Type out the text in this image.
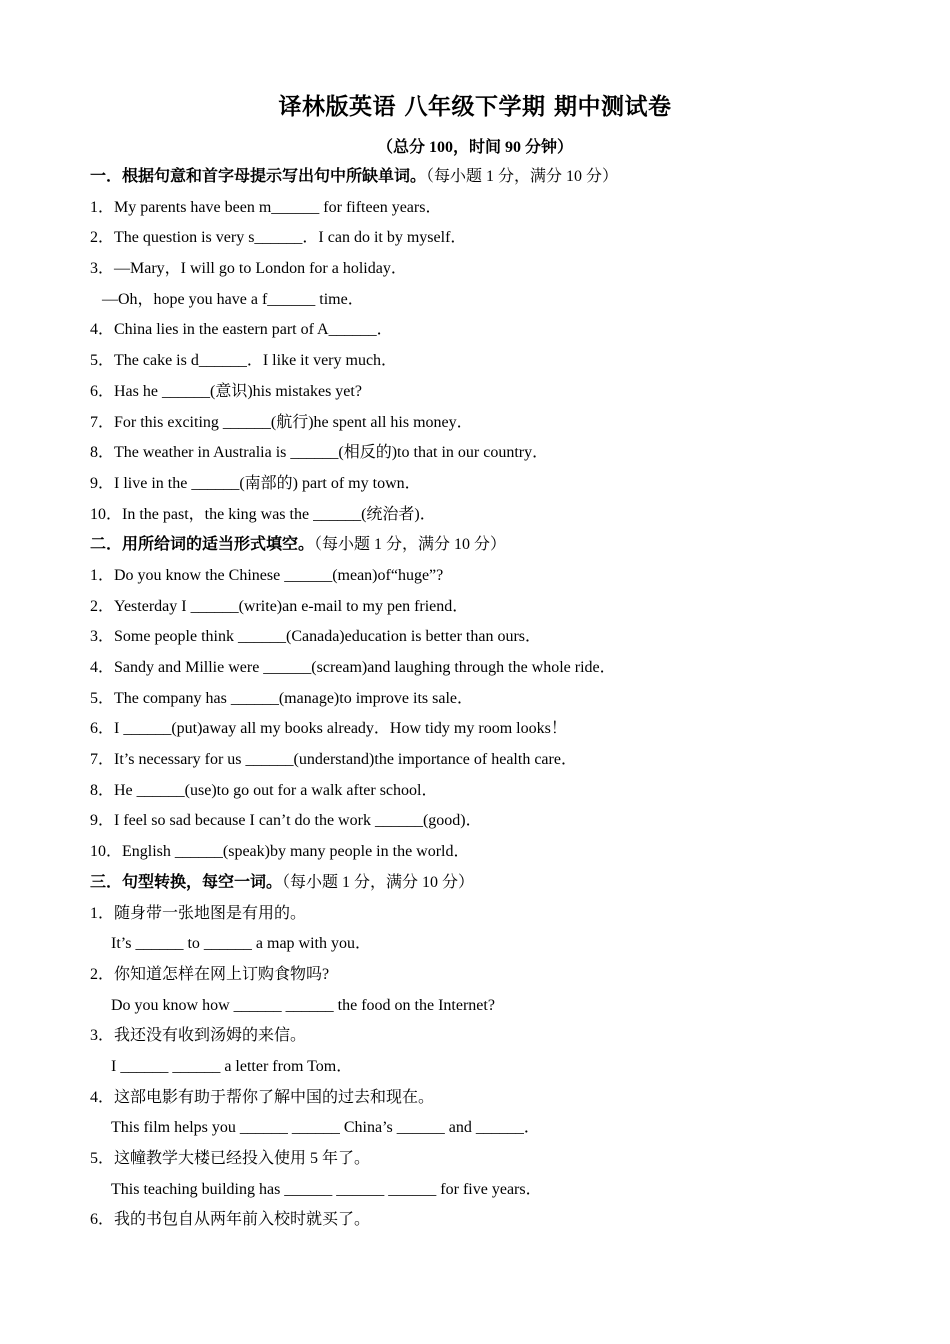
译林版英语 八年级下学期 期中测试卷
（总分 100，时间 90 分钟）
一．根据句意和首字母提示写出句中所缺单词。（每小题 1 分，满分 10 分）
1．My parents have been m______ for fifteen years．
2．The question is very s______．I can do it by myself．
3．—Mary，I will go to London for a holiday．
—Oh，hope you have a f______ time．
4．China lies in the eastern part of A______．
5．The cake is d______．I like it very much．
6．Has he ______(意识)his mistakes yet?
7．For this exciting ______(航行)he spent all his money．
8．The weather in Australia is ______(相反的)to that in our country．
9．I live in the ______(南部的) part of my town．
10．In the past，the king was the ______(统治者)．
二．用所给词的适当形式填空。（每小题 1 分，满分 10 分）
1．Do you know the Chinese ______(mean)of“huge”?
2．Yesterday I ______(write)an e-mail to my pen friend．
3．Some people think ______(Canada)education is better than ours．
4．Sandy and Millie were ______(scream)and laughing through the whole ride．
5．The company has ______(manage)to improve its sale．
6．I ______(put)away all my books already．How tidy my room looks！
7．It’s necessary for us ______(understand)the importance of health care．
8．He ______(use)to go out for a walk after school．
9．I feel so sad because I can’t do the work ______(good)．
10．English ______(speak)by many people in the world．
三．句型转换，每空一词。（每小题 1 分，满分 10 分）
1．随身带一张地图是有用的。
It’s ______ to ______ a map with you．
2．你知道怎样在网上订购食物吗?
Do you know how ______ ______ the food on the Internet?
3．我还没有收到汤姆的来信。
I ______ ______ a letter from Tom．
4．这部电影有助于帮你了解中国的过去和现在。
This film helps you ______ ______ China’s ______ and ______．
5．这幢教学大楼已经投入使用 5 年了。
This teaching building has ______ ______ ______ for five years．
6．我的书包自从两年前入校时就买了。
